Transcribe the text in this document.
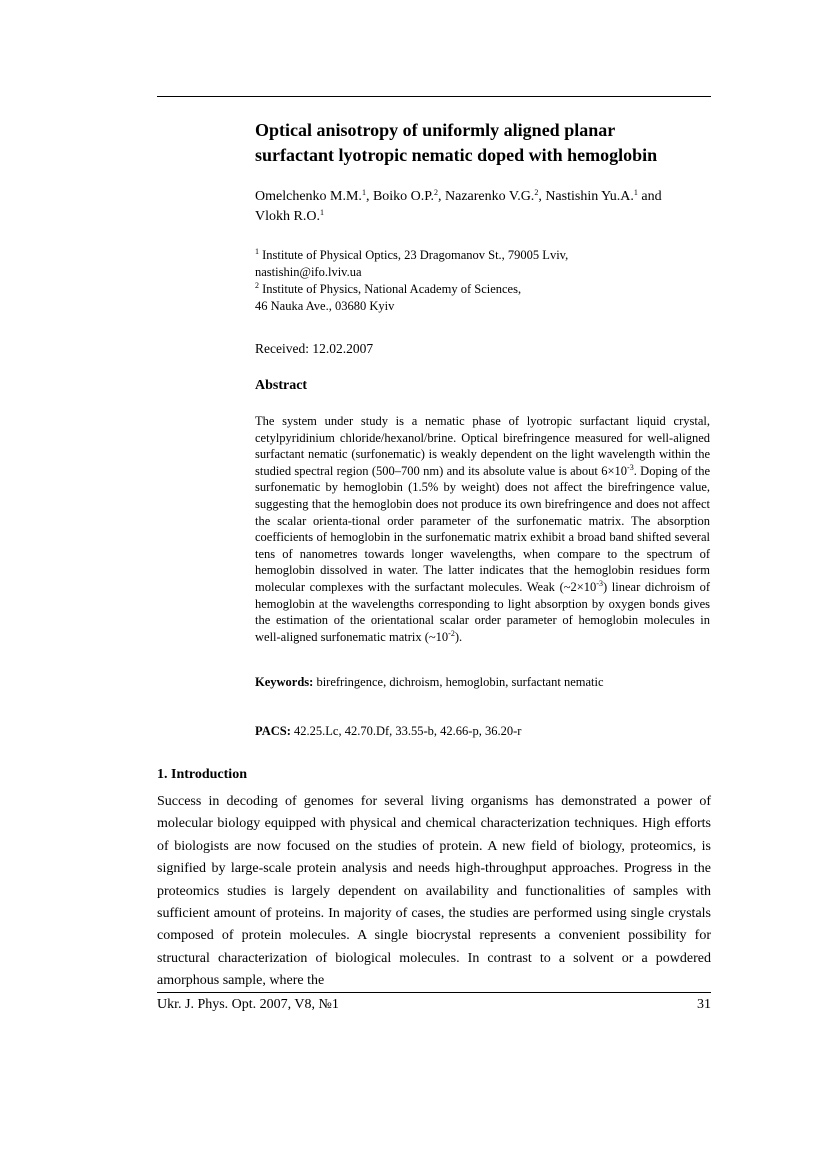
Optical anisotropy of uniformly aligned planar
surfactant lyotropic nematic doped with hemoglobin
Omelchenko M.M.$^1$, Boiko O.P.$^2$, Nazarenko V.G.$^2$, Nastishin Yu.A.$^1$ and
Vlokh R.O.$^1$
$^1$ Institute of Physical Optics, 23 Dragomanov St., 79005 Lviv,
nastishin@ifo.lviv.ua
$^2$ Institute of Physics, National Academy of Sciences,
46 Nauka Ave., 03680 Kyiv
Received: 12.02.2007
Abstract
The system under study is a nematic phase of lyotropic surfactant liquid crystal, cetylpyridinium chloride/hexanol/brine. Optical birefringence measured for well-aligned surfactant nematic (surfonematic) is weakly dependent on the light wavelength within the studied spectral region (500–700 nm) and its absolute value is about $6\times 10^{-3}$. Doping of the surfonematic by hemoglobin (1.5% by weight) does not affect the birefringence value, suggesting that the hemoglobin does not produce its own birefringence and does not affect the scalar orienta-tional order parameter of the surfonematic matrix. The absorption coefficients of hemoglobin in the surfonematic matrix exhibit a broad band shifted several tens of nanometres towards longer wavelengths, when compare to the spectrum of hemoglobin dissolved in water. The latter indicates that the hemoglobin residues form molecular complexes with the surfactant molecules. Weak $(\sim 2\times 10^{-3})$ linear dichroism of hemoglobin at the wavelengths corresponding to light absorption by oxygen bonds gives the estimation of the orientational scalar order parameter of hemoglobin molecules in well-aligned surfonematic matrix $(\sim 10^{-2})$.
Keywords: birefringence, dichroism, hemoglobin, surfactant nematic
PACS: 42.25.Lc, 42.70.Df, 33.55-b, 42.66-p, 36.20-r
1. Introduction
Success in decoding of genomes for several living organisms has demonstrated a power of molecular biology equipped with physical and chemical characterization techniques. High efforts of biologists are now focused on the studies of protein. A new field of biology, proteomics, is signified by large-scale protein analysis and needs high-throughput approaches. Progress in the proteomics studies is largely dependent on availability and functionalities of samples with sufficient amount of proteins. In majority of cases, the studies are performed using single crystals composed of protein molecules. A single biocrystal represents a convenient possibility for structural characterization of biological molecules. In contrast to a solvent or a powdered amorphous sample, where the
Ukr. J. Phys. Opt. 2007, V8, №1	31
